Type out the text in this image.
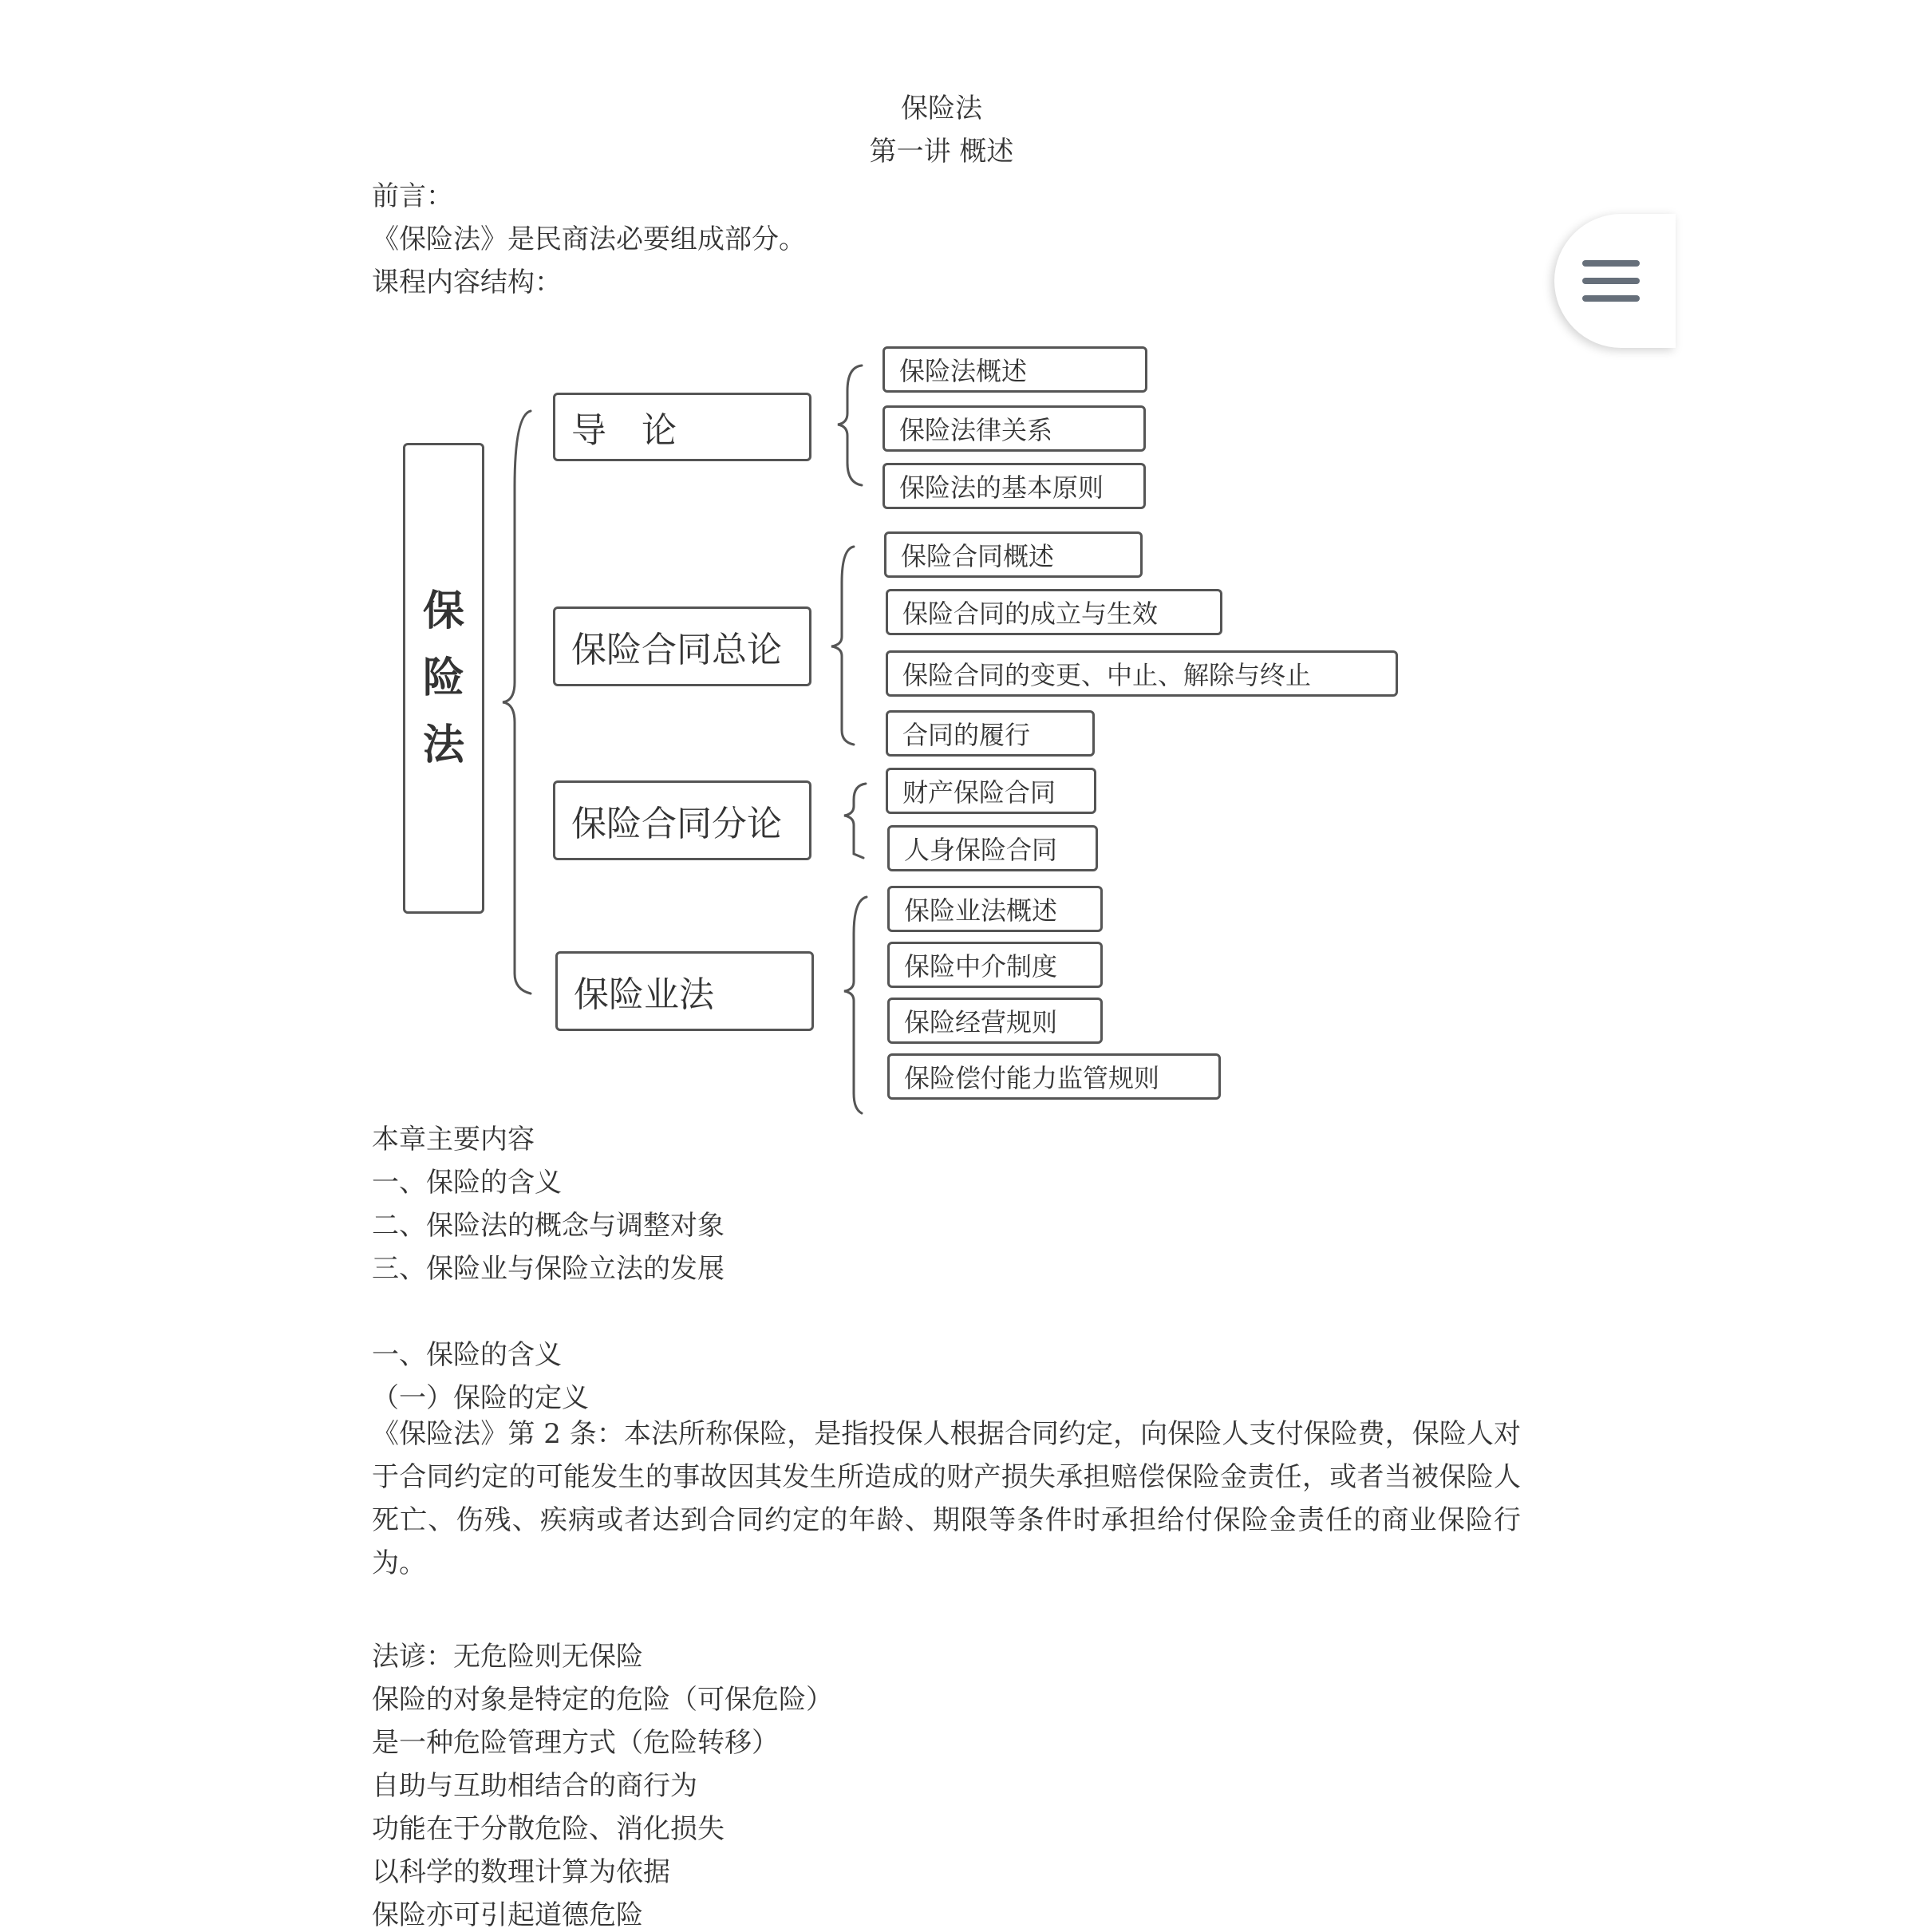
保险法
第一讲 概述
前言：
《保险法》是民商法必要组成部分。
课程内容结构：
保
险
法
导　论
保险法概述
保险法律关系
保险法的基本原则
保险合同总论
保险合同概述
保险合同的成立与生效
保险合同的变更、中止、解除与终止
合同的履行
保险合同分论
财产保险合同
人身保险合同
保险业法
保险业法概述
保险中介制度
保险经营规则
保险偿付能力监管规则
本章主要内容
一、保险的含义
二、保险法的概念与调整对象
三、保险业与保险立法的发展
一、保险的含义
（一）保险的定义
《保险法》第 2 条：本法所称保险，是指投保人根据合同约定，向保险人支付保险费，保险人对于合同约定的可能发生的事故因其发生所造成的财产损失承担赔偿保险金责任，或者当被保险人死亡、伤残、疾病或者达到合同约定的年龄、期限等条件时承担给付保险金责任的商业保险行为。
法谚：无危险则无保险
保险的对象是特定的危险（可保危险）
是一种危险管理方式（危险转移）
自助与互助相结合的商行为
功能在于分散危险、消化损失
以科学的数理计算为依据
保险亦可引起道德危险
